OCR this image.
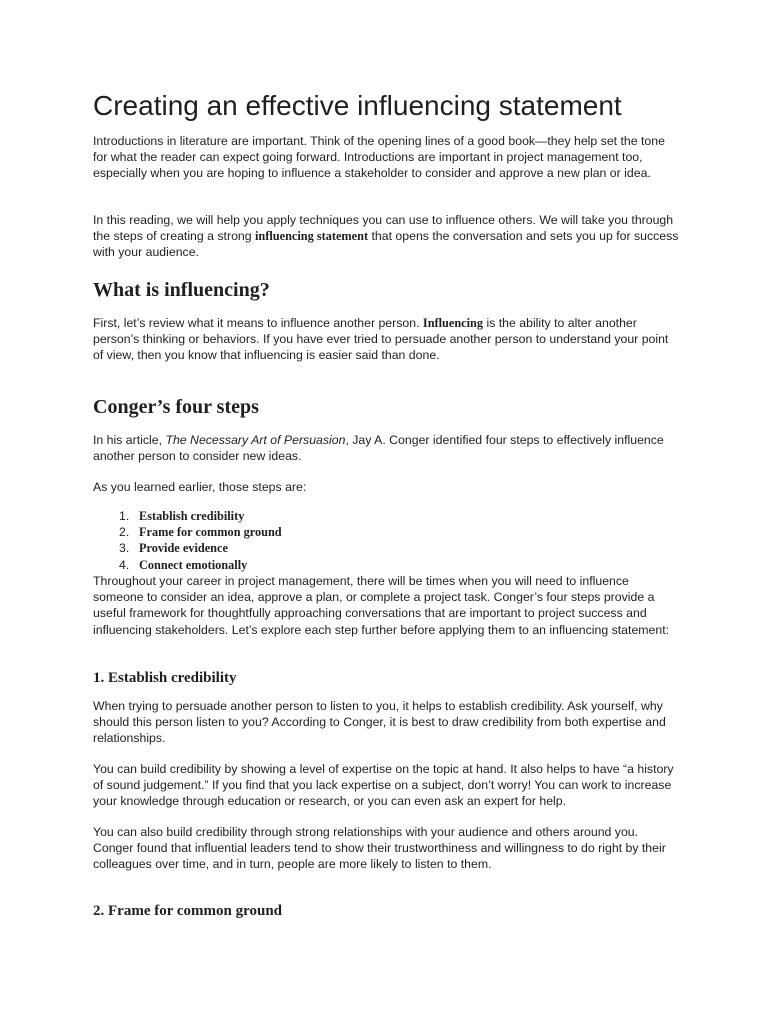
Creating an effective influencing statement

Introductions in literature are important. Think of the opening lines of a good book—they help set the tone for what the reader can expect going forward. Introductions are important in project management too, especially when you are hoping to influence a stakeholder to consider and approve a new plan or idea.

In this reading, we will help you apply techniques you can use to influence others. We will take you through the steps of creating a strong influencing statement that opens the conversation and sets you up for success with your audience.

What is influencing?

First, let’s review what it means to influence another person. Influencing is the ability to alter another person’s thinking or behaviors. If you have ever tried to persuade another person to understand your point of view, then you know that influencing is easier said than done.

Conger’s four steps

In his article, The Necessary Art of Persuasion, Jay A. Conger identified four steps to effectively influence another person to consider new ideas.

As you learned earlier, those steps are:

1. Establish credibility
2. Frame for common ground
3. Provide evidence
4. Connect emotionally

Throughout your career in project management, there will be times when you will need to influence someone to consider an idea, approve a plan, or complete a project task. Conger’s four steps provide a useful framework for thoughtfully approaching conversations that are important to project success and influencing stakeholders. Let’s explore each step further before applying them to an influencing statement:

1. Establish credibility

When trying to persuade another person to listen to you, it helps to establish credibility. Ask yourself, why should this person listen to you? According to Conger, it is best to draw credibility from both expertise and relationships.

You can build credibility by showing a level of expertise on the topic at hand. It also helps to have “a history of sound judgement.” If you find that you lack expertise on a subject, don’t worry! You can work to increase your knowledge through education or research, or you can even ask an expert for help.

You can also build credibility through strong relationships with your audience and others around you. Conger found that influential leaders tend to show their trustworthiness and willingness to do right by their colleagues over time, and in turn, people are more likely to listen to them.

2. Frame for common ground
